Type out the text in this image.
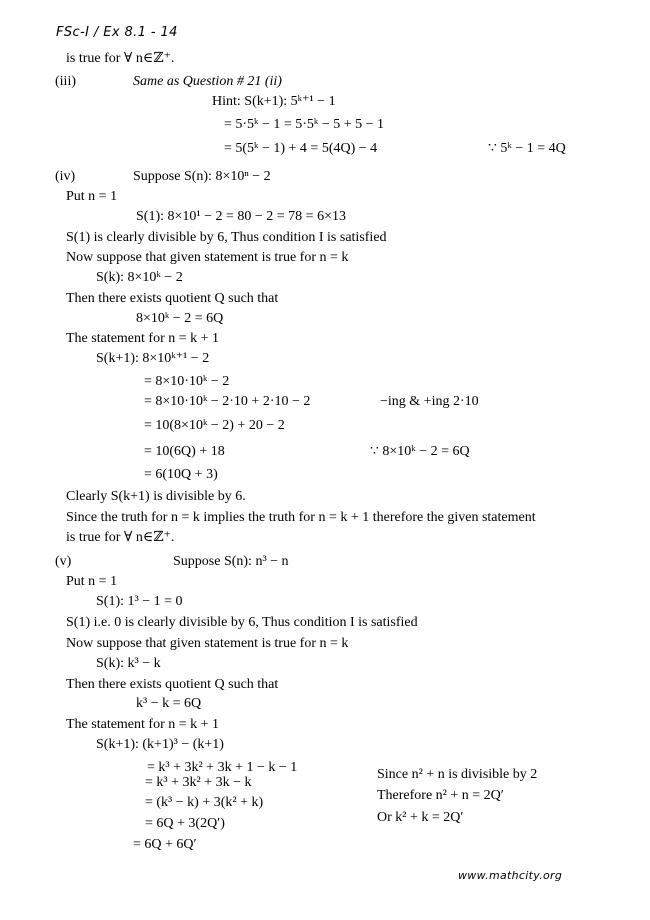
FSc-I / Ex 8.1 - 14
is true for ∀ n∈ℤ⁺.
(iii)	Same as Question # 21 (ii)
Hint: S(k+1): 5ᵏ⁺¹ − 1
= 5·5ᵏ − 1 = 5·5ᵏ − 5 + 5 − 1
= 5(5ᵏ − 1) + 4 = 5(4Q) − 4	∵ 5ᵏ − 1 = 4Q
(iv)	Suppose S(n): 8×10ⁿ − 2
Put n = 1
S(1): 8×10¹ − 2 = 80 − 2 = 78 = 6×13
S(1) is clearly divisible by 6, Thus condition I is satisfied
Now suppose that given statement is true for n = k
S(k): 8×10ᵏ − 2
Then there exists quotient Q such that
8×10ᵏ − 2 = 6Q
The statement for n = k + 1
S(k+1): 8×10ᵏ⁺¹ − 2
= 8×10·10ᵏ − 2
= 8×10·10ᵏ − 2·10 + 2·10 − 2	−ing & +ing 2·10
= 10(8×10ᵏ − 2) + 20 − 2
= 10(6Q) + 18	∵ 8×10ᵏ − 2 = 6Q
= 6(10Q + 3)
Clearly S(k+1) is divisible by 6.
Since the truth for n = k implies the truth for n = k + 1 therefore the given statement
is true for ∀ n∈ℤ⁺.
(v)	Suppose S(n): n³ − n
Put n = 1
S(1): 1³ − 1 = 0
S(1) i.e. 0 is clearly divisible by 6, Thus condition I is satisfied
Now suppose that given statement is true for n = k
S(k): k³ − k
Then there exists quotient Q such that
k³ − k = 6Q
The statement for n = k + 1
S(k+1): (k+1)³ − (k+1)
= k³ + 3k² + 3k + 1 − k − 1
= k³ + 3k² + 3k − k
= (k³ − k) + 3(k² + k)
= 6Q + 3(2Q′)
= 6Q + 6Q′
Since n² + n is divisible by 2
Therefore n² + n = 2Q′
Or k² + k = 2Q′
www.mathcity.org
